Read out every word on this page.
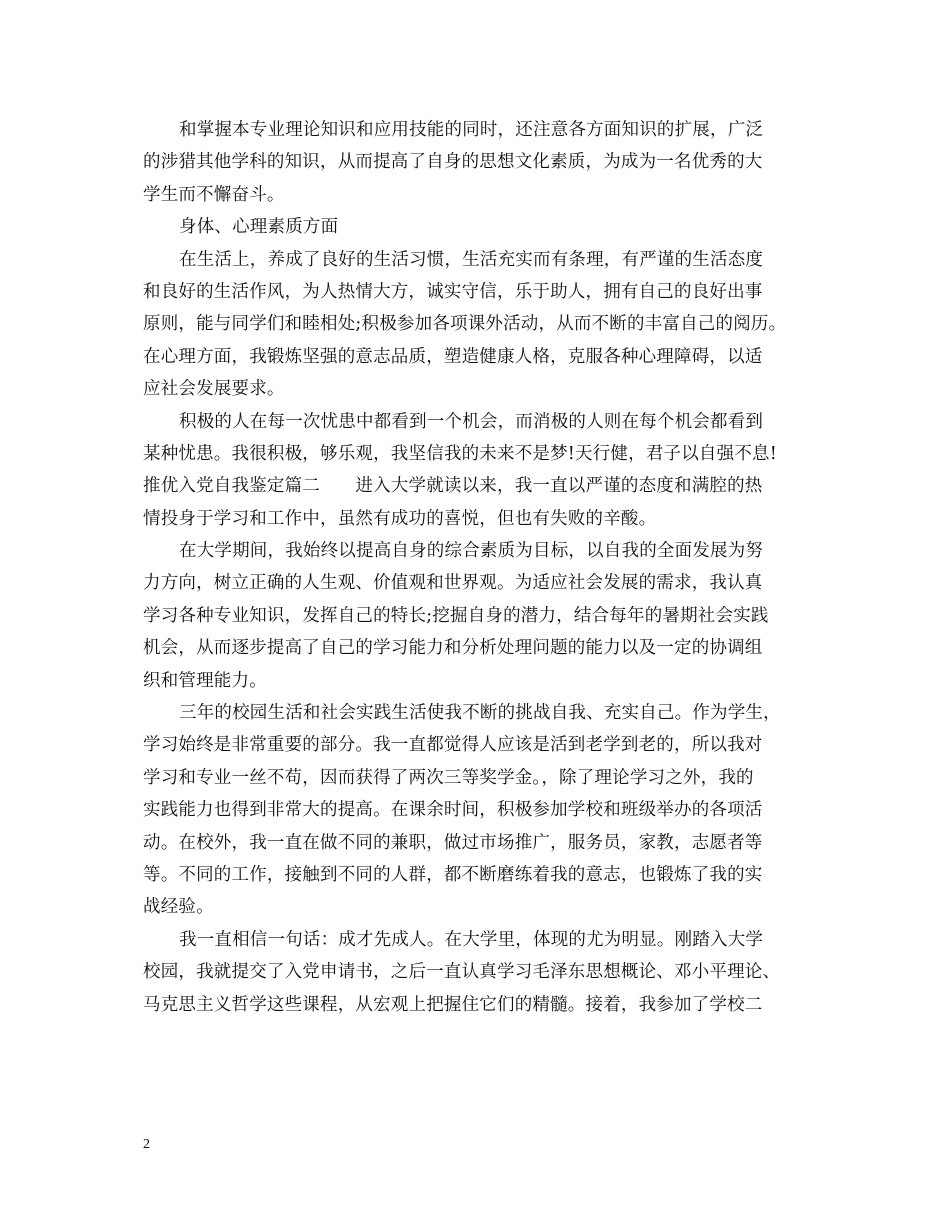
和掌握本专业理论知识和应用技能的同时，还注意各方面知识的扩展，广泛
的涉猎其他学科的知识，从而提高了自身的思想文化素质，为成为一名优秀的大
学生而不懈奋斗。
身体、心理素质方面
在生活上，养成了良好的生活习惯，生活充实而有条理，有严谨的生活态度
和良好的生活作风，为人热情大方，诚实守信，乐于助人，拥有自己的良好出事
原则，能与同学们和睦相处;积极参加各项课外活动，从而不断的丰富自己的阅历。
在心理方面，我锻炼坚强的意志品质，塑造健康人格，克服各种心理障碍，以适
应社会发展要求。
积极的人在每一次忧患中都看到一个机会，而消极的人则在每个机会都看到
某种忧患。我很积极，够乐观，我坚信我的未来不是梦!天行健，君子以自强不息!
推优入党自我鉴定篇二　　进入大学就读以来，我一直以严谨的态度和满腔的热
情投身于学习和工作中，虽然有成功的喜悦，但也有失败的辛酸。
在大学期间，我始终以提高自身的综合素质为目标，以自我的全面发展为努
力方向，树立正确的人生观、价值观和世界观。为适应社会发展的需求，我认真
学习各种专业知识，发挥自己的特长;挖掘自身的潜力，结合每年的暑期社会实践
机会，从而逐步提高了自己的学习能力和分析处理问题的能力以及一定的协调组
织和管理能力。
三年的校园生活和社会实践生活使我不断的挑战自我、充实自己。作为学生，
学习始终是非常重要的部分。我一直都觉得人应该是活到老学到老的，所以我对
学习和专业一丝不苟，因而获得了两次三等奖学金。，除了理论学习之外，我的
实践能力也得到非常大的提高。在课余时间，积极参加学校和班级举办的各项活
动。在校外，我一直在做不同的兼职，做过市场推广，服务员，家教，志愿者等
等。不同的工作，接触到不同的人群，都不断磨练着我的意志，也锻炼了我的实
战经验。
我一直相信一句话：成才先成人。在大学里，体现的尤为明显。刚踏入大学
校园，我就提交了入党申请书，之后一直认真学习毛泽东思想概论、邓小平理论、
马克思主义哲学这些课程，从宏观上把握住它们的精髓。接着，我参加了学校二
2
